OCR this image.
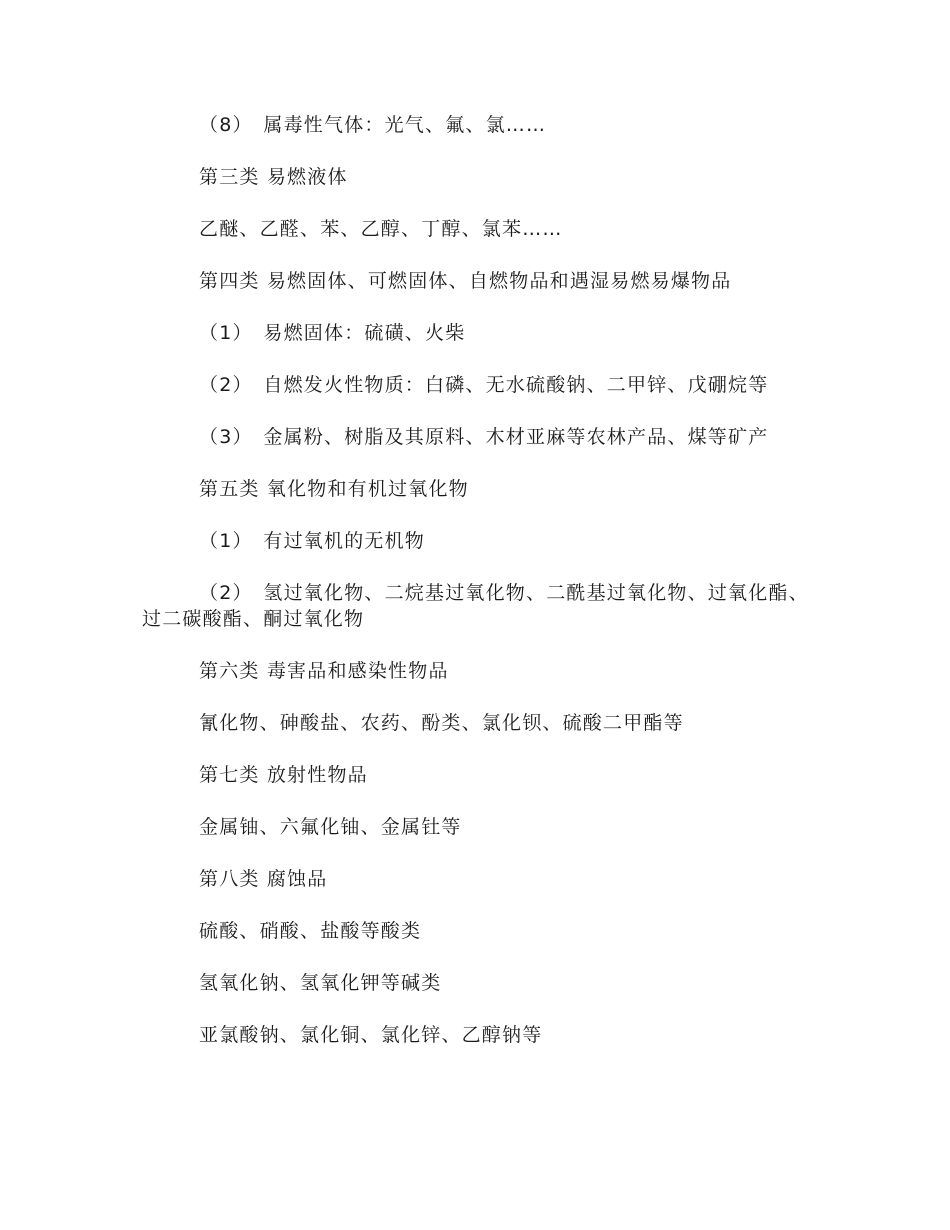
（8）　属毒性气体：光气、氟、氯……

第三类 易燃液体

乙醚、乙醛、苯、乙醇、丁醇、氯苯……

第四类 易燃固体、可燃固体、自燃物品和遇湿易燃易爆物品

（1）　易燃固体：硫磺、火柴

（2）　自燃发火性物质：白磷、无水硫酸钠、二甲锌、戊硼烷等

（3）　金属粉、树脂及其原料、木材亚麻等农林产品、煤等矿产

第五类 氧化物和有机过氧化物

（1）　有过氧机的无机物

（2）　氢过氧化物、二烷基过氧化物、二酰基过氧化物、过氧化酯、过二碳酸酯、酮过氧化物

第六类 毒害品和感染性物品

氰化物、砷酸盐、农药、酚类、氯化钡、硫酸二甲酯等

第七类 放射性物品

金属铀、六氟化铀、金属钍等

第八类 腐蚀品

硫酸、硝酸、盐酸等酸类

氢氧化钠、氢氧化钾等碱类

亚氯酸钠、氯化铜、氯化锌、乙醇钠等
